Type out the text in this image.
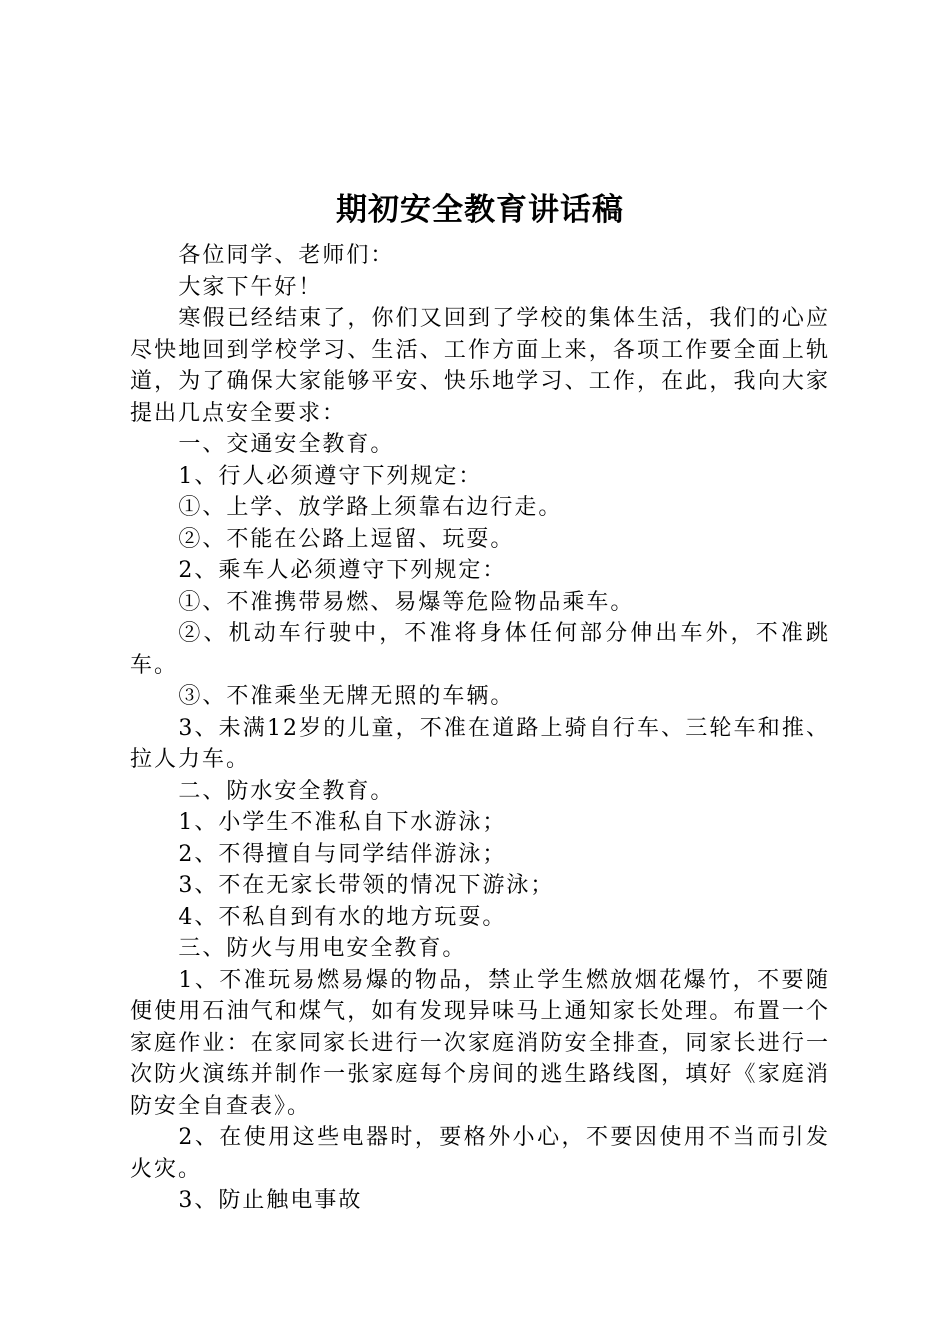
期初安全教育讲话稿

各位同学、老师们：

大家下午好！

寒假已经结束了，你们又回到了学校的集体生活，我们的心应尽快地回到学校学习、生活、工作方面上来，各项工作要全面上轨道，为了确保大家能够平安、快乐地学习、工作，在此，我向大家提出几点安全要求：

一、交通安全教育。

1、行人必须遵守下列规定：

①、上学、放学路上须靠右边行走。

②、不能在公路上逗留、玩耍。

2、乘车人必须遵守下列规定：

①、不准携带易燃、易爆等危险物品乘车。

②、机动车行驶中，不准将身体任何部分伸出车外，不准跳车。

③、不准乘坐无牌无照的车辆。

3、未满12岁的儿童，不准在道路上骑自行车、三轮车和推、拉人力车。

二、防水安全教育。

1、小学生不准私自下水游泳；

2、不得擅自与同学结伴游泳；

3、不在无家长带领的情况下游泳；

4、不私自到有水的地方玩耍。

三、防火与用电安全教育。

1、不准玩易燃易爆的物品，禁止学生燃放烟花爆竹，不要随便使用石油气和煤气，如有发现异味马上通知家长处理。布置一个家庭作业：在家同家长进行一次家庭消防安全排查，同家长进行一次防火演练并制作一张家庭每个房间的逃生路线图，填好《家庭消防安全自查表》。

2、在使用这些电器时，要格外小心，不要因使用不当而引发火灾。

3、防止触电事故
